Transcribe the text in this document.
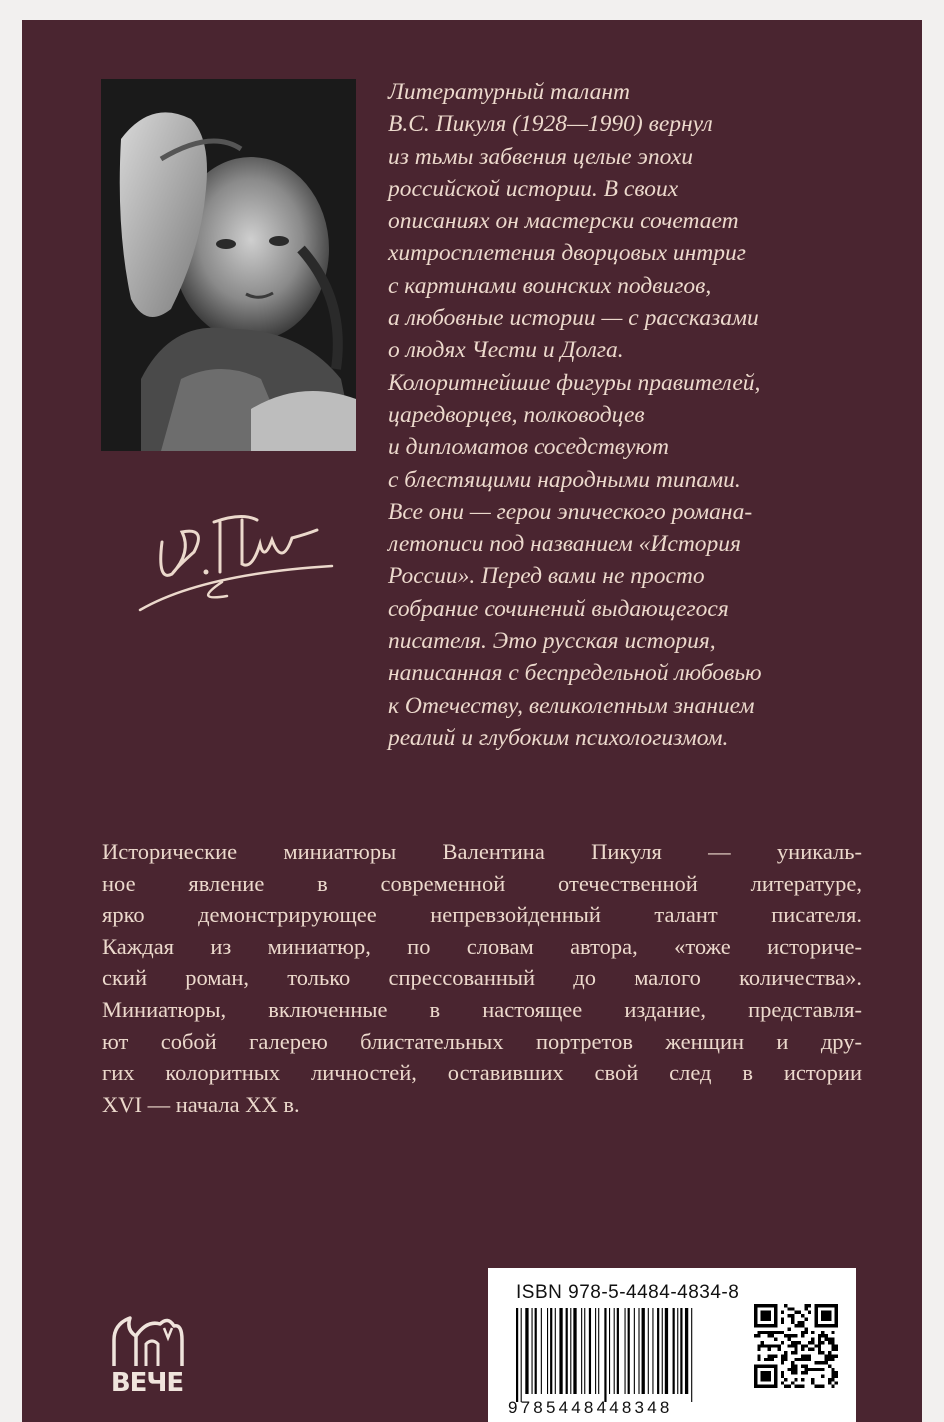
Литературный талант
В.С. Пикуля (1928—1990) вернул
из тьмы забвения целые эпохи
российской истории. В своих
описаниях он мастерски сочетает
хитросплетения дворцовых интриг
с картинами воинских подвигов,
а любовные истории — с рассказами
о людях Чести и Долга.
Колоритнейшие фигуры правителей,
царедворцев, полководцев
и дипломатов соседствуют
с блестящими народными типами.
Все они — герои эпического романа-
летописи под названием «История
России». Перед вами не просто
собрание сочинений выдающегося
писателя. Это русская история,
написанная с беспредельной любовью
к Отечеству, великолепным знанием
реалий и глубоким психологизмом.

Исторические миниатюры Валентина Пикуля — уникаль-
ное явление в современной отечественной литературе,
ярко демонстрирующее непревзойденный талант писателя.
Каждая из миниатюр, по словам автора, «тоже историче-
ский роман, только спрессованный до малого количества».
Миниатюры, включенные в настоящее издание, представля-
ют собой галерею блистательных портретов женщин и дру-
гих колоритных личностей, оставивших свой след в истории
XVI — начала XX в.

ВЕЧЕ
ISBN 978-5-4484-4834-8
9785448448348
